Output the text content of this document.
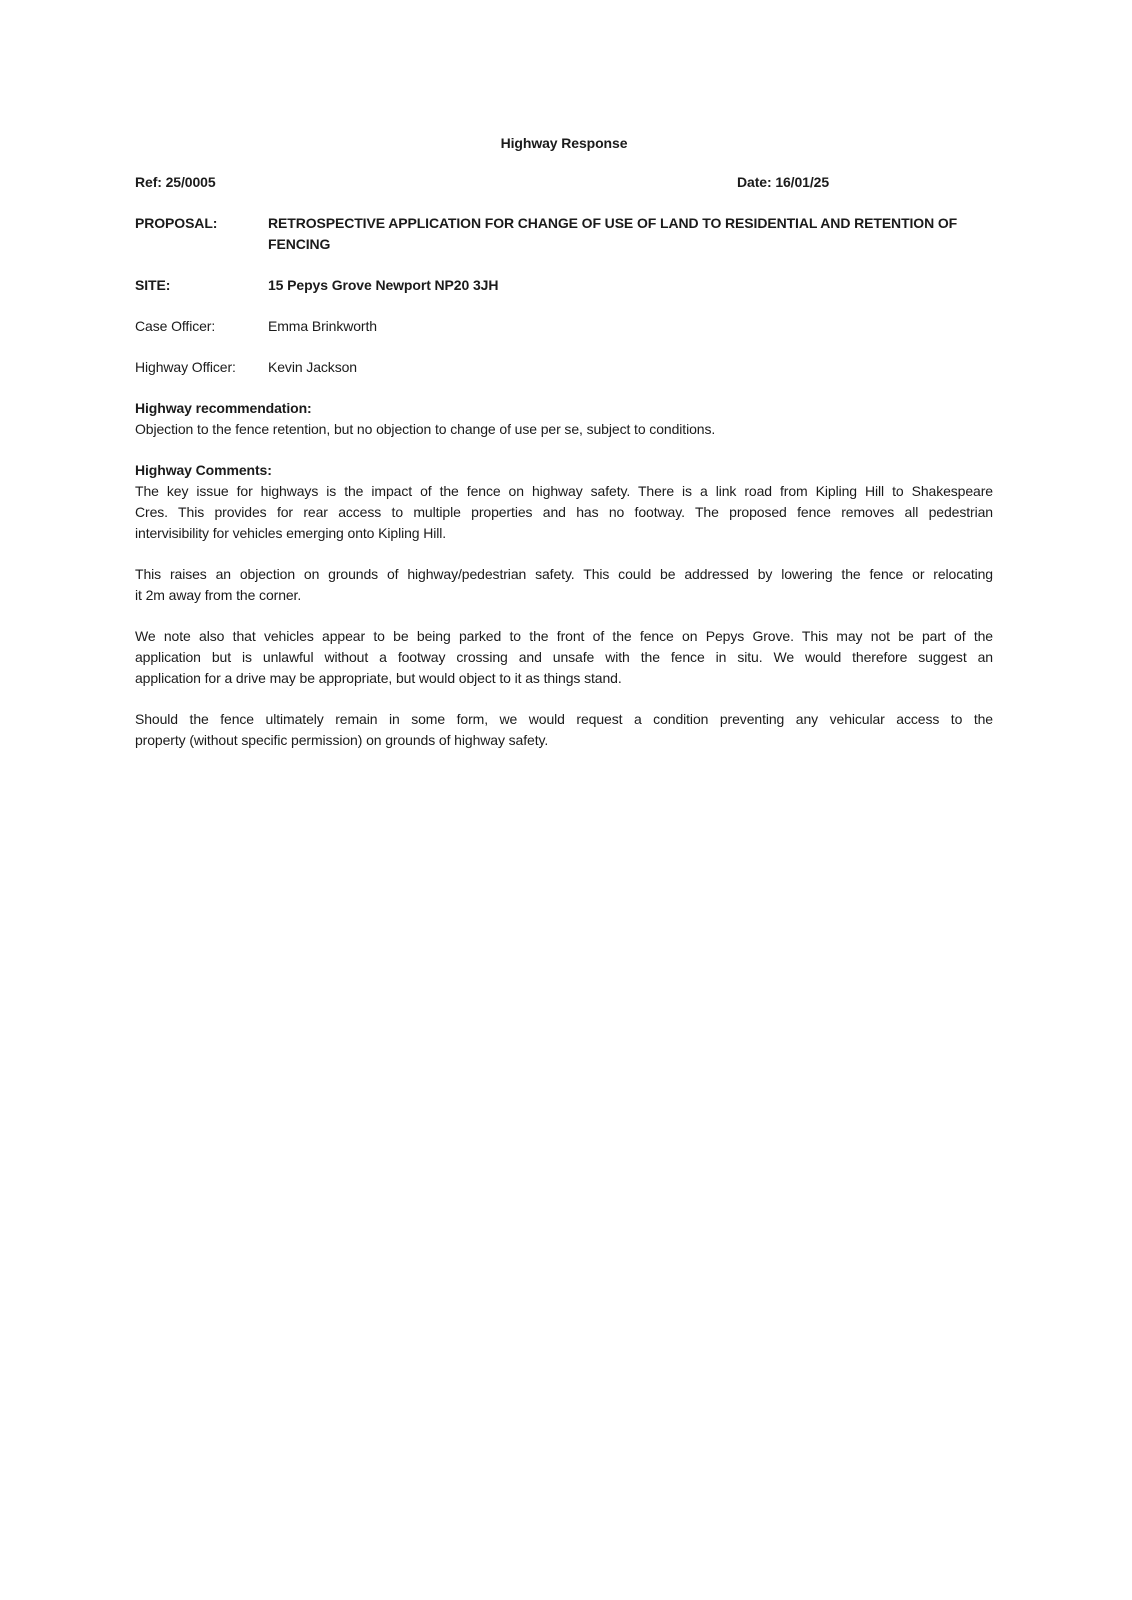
Highway Response
Ref: 25/0005	Date: 16/01/25
PROPOSAL:	RETROSPECTIVE APPLICATION FOR CHANGE OF USE OF LAND TO RESIDENTIAL AND RETENTION OF
FENCING
SITE:	15 Pepys Grove Newport NP20 3JH
Case Officer:	Emma Brinkworth
Highway Officer:	Kevin Jackson
Highway recommendation:
Objection to the fence retention, but no objection to change of use per se, subject to conditions.
Highway Comments:
The key issue for highways is the impact of the fence on highway safety. There is a link road from Kipling Hill to Shakespeare
Cres. This provides for rear access to multiple properties and has no footway. The proposed fence removes all pedestrian
intervisibility for vehicles emerging onto Kipling Hill.
This raises an objection on grounds of highway/pedestrian safety. This could be addressed by lowering the fence or relocating
it 2m away from the corner.
We note also that vehicles appear to be being parked to the front of the fence on Pepys Grove. This may not be part of the
application but is unlawful without a footway crossing and unsafe with the fence in situ. We would therefore suggest an
application for a drive may be appropriate, but would object to it as things stand.
Should the fence ultimately remain in some form, we would request a condition preventing any vehicular access to the
property (without specific permission) on grounds of highway safety.
